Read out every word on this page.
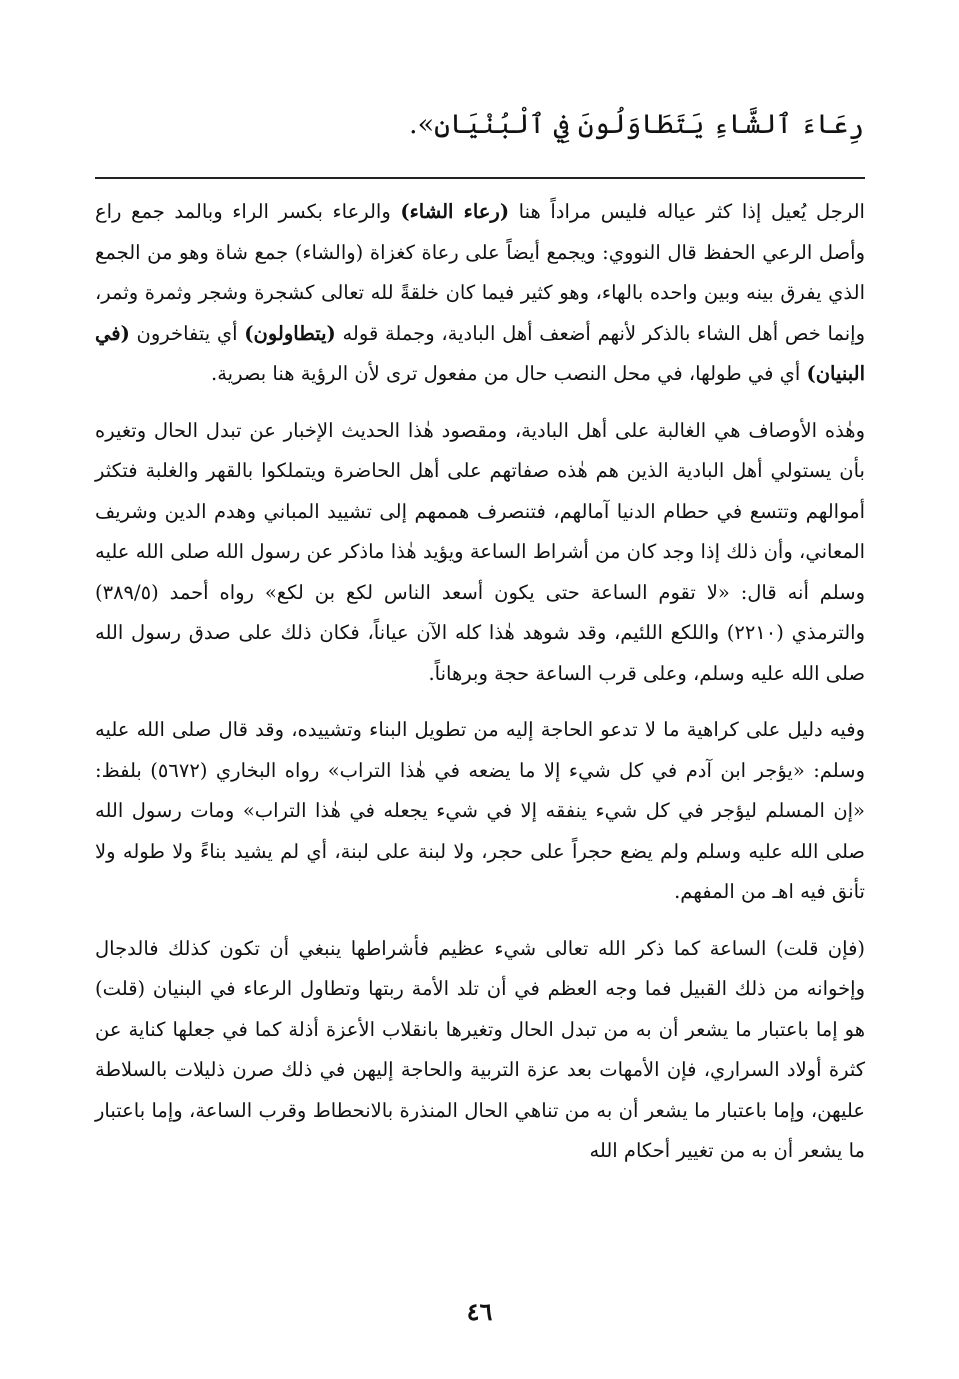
رِعَاءَ ٱلشَّاءِ يَتَطَاوَلُونَ فِي ٱلْبُنْيَانِ».

الرجل يُعيل إذا كثر عياله فليس مراداً هنا (رعاء الشاء) والرعاء بكسر الراء وبالمد جمع راع وأصل الرعي الحفظ قال النووي: ويجمع أيضاً على رعاة كغزاة (والشاء) جمع شاة وهو من الجمع الذي يفرق بينه وبين واحده بالهاء، وهو كثير فيما كان خلقةً لله تعالى كشجرة وشجر وثمرة وثمر، وإنما خص أهل الشاء بالذكر لأنهم أضعف أهل البادية، وجملة قوله (يتطاولون) أي يتفاخرون (في البنيان) أي في طولها، في محل النصب حال من مفعول ترى لأن الرؤية هنا بصرية.

وهٰذه الأوصاف هي الغالبة على أهل البادية، ومقصود هٰذا الحديث الإخبار عن تبدل الحال وتغيره بأن يستولي أهل البادية الذين هم هٰذه صفاتهم على أهل الحاضرة ويتملكوا بالقهر والغلبة فتكثر أموالهم وتتسع في حطام الدنيا آمالهم، فتنصرف هممهم إلى تشييد المباني وهدم الدين وشريف المعاني، وأن ذلك إذا وجد كان من أشراط الساعة ويؤيد هٰذا ماذكر عن رسول الله صلى الله عليه وسلم أنه قال: «لا تقوم الساعة حتى يكون أسعد الناس لكع بن لكع» رواه أحمد (٣٨٩/٥) والترمذي (٢٢١٠) واللكع اللئيم، وقد شوهد هٰذا كله الآن عياناً، فكان ذلك على صدق رسول الله صلى الله عليه وسلم، وعلى قرب الساعة حجة وبرهاناً.

وفيه دليل على كراهية ما لا تدعو الحاجة إليه من تطويل البناء وتشييده، وقد قال صلى الله عليه وسلم: «يؤجر ابن آدم في كل شيء إلا ما يضعه في هٰذا التراب» رواه البخاري (٥٦٧٢) بلفظ: «إن المسلم ليؤجر في كل شيء ينفقه إلا في شيء يجعله في هٰذا التراب» ومات رسول الله صلى الله عليه وسلم ولم يضع حجراً على حجر، ولا لبنة على لبنة، أي لم يشيد بناءً ولا طوله ولا تأنق فيه اهـ من المفهم.

(فإن قلت) الساعة كما ذكر الله تعالى شيء عظيم فأشراطها ينبغي أن تكون كذلك فالدجال وإخوانه من ذلك القبيل فما وجه العظم في أن تلد الأمة ربتها وتطاول الرعاء في البنيان (قلت) هو إما باعتبار ما يشعر أن به من تبدل الحال وتغيرها بانقلاب الأعزة أذلة كما في جعلها كناية عن كثرة أولاد السراري، فإن الأمهات بعد عزة التربية والحاجة إليهن في ذلك صرن ذليلات بالسلاطة عليهن، وإما باعتبار ما يشعر أن به من تناهي الحال المنذرة بالانحطاط وقرب الساعة، وإما باعتبار ما يشعر أن به من تغيير أحكام الله

٤٦
